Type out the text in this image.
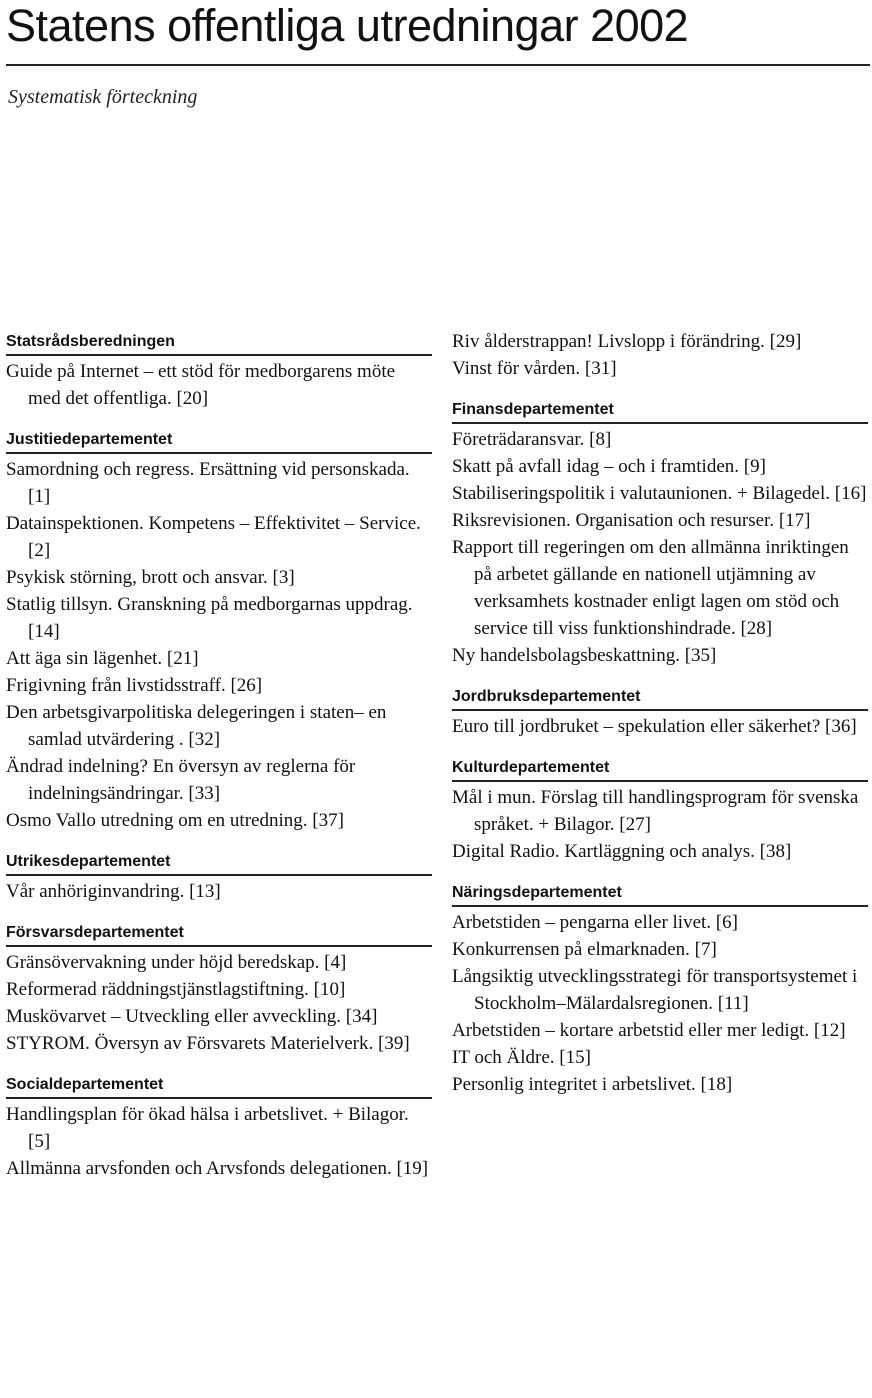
Statens offentliga utredningar 2002
Systematisk förteckning
Statsrådsberedningen
Guide på Internet – ett stöd för medborgarens möte med det offentliga. [20]
Justitiedepartementet
Samordning och regress. Ersättning vid personskada. [1]
Datainspektionen. Kompetens – Effektivitet – Service. [2]
Psykisk störning, brott och ansvar. [3]
Statlig tillsyn. Granskning på medborgarnas uppdrag. [14]
Att äga sin lägenhet. [21]
Frigivning från livstidsstraff. [26]
Den arbetsgivarpolitiska delegeringen i staten– en samlad utvärdering . [32]
Ändrad indelning? En översyn av reglerna för indelningsändringar. [33]
Osmo Vallo utredning om en utredning. [37]
Utrikesdepartementet
Vår anhöriginvandring. [13]
Försvarsdepartementet
Gränsövervakning under höjd beredskap. [4]
Reformerad räddningstjänstlagstiftning. [10]
Muskövarvet – Utveckling eller avveckling. [34]
STYROM. Översyn av Försvarets Materielverk. [39]
Socialdepartementet
Handlingsplan för ökad hälsa i arbetslivet. + Bilagor. [5]
Allmänna arvsfonden och Arvsfonds delegationen. [19]
Riv ålderstrappan! Livslopp i förändring. [29]
Vinst för vården. [31]
Finansdepartementet
Företrädaransvar. [8]
Skatt på avfall idag – och i framtiden. [9]
Stabiliseringspolitik i valutaunionen. + Bilagedel. [16]
Riksrevisionen. Organisation och resurser. [17]
Rapport till regeringen om den allmänna inriktingen på arbetet gällande en nationell utjämning av verksamhets kostnader enligt lagen om stöd och service till viss funktionshindrade. [28]
Ny handelsbolagsbeskattning. [35]
Jordbruksdepartementet
Euro till jordbruket – spekulation eller säkerhet? [36]
Kulturdepartementet
Mål i mun. Förslag till handlingsprogram för svenska språket. + Bilagor. [27]
Digital Radio. Kartläggning och analys. [38]
Näringsdepartementet
Arbetstiden – pengarna eller livet. [6]
Konkurrensen på elmarknaden. [7]
Långsiktig utvecklingsstrategi för transportsystemet i Stockholm–Mälardalsregionen. [11]
Arbetstiden – kortare arbetstid eller mer ledigt. [12]
IT och Äldre. [15]
Personlig integritet i arbetslivet. [18]
